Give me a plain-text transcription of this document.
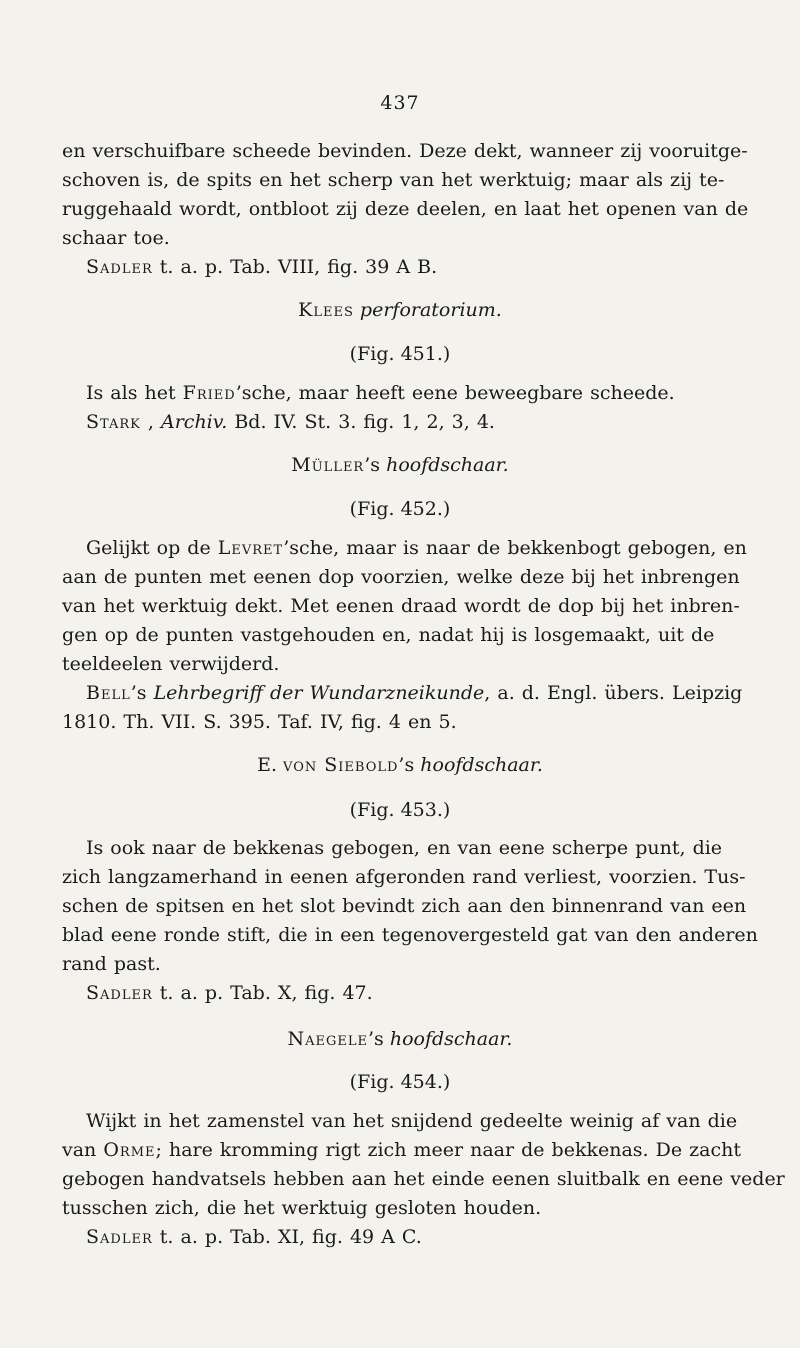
437
en verschuifbare scheede bevinden. Deze dekt, wanneer zij vooruitge-
schoven is, de spits en het scherp van het werktuig; maar als zij te-
ruggehaald wordt, ontbloot zij deze deelen, en laat het openen van de
schaar toe.
Sadler t. a. p. Tab. VIII, fig. 39 A B.
Klees perforatorium.
(Fig. 451.)
Is als het Fried’sche, maar heeft eene beweegbare scheede.
Stark , Archiv. Bd. IV. St. 3. fig. 1, 2, 3, 4.
Müller’s hoofdschaar.
(Fig. 452.)
Gelijkt op de Levret’sche, maar is naar de bekkenbogt gebogen, en
aan de punten met eenen dop voorzien, welke deze bij het inbrengen
van het werktuig dekt. Met eenen draad wordt de dop bij het inbren-
gen op de punten vastgehouden en, nadat hij is losgemaakt, uit de
teeldeelen verwijderd.
Bell’s Lehrbegriff der Wundarzneikunde, a. d. Engl. übers. Leipzig
1810. Th. VII. S. 395. Taf. IV, fig. 4 en 5.
E. von Siebold’s hoofdschaar.
(Fig. 453.)
Is ook naar de bekkenas gebogen, en van eene scherpe punt, die
zich langzamerhand in eenen afgeronden rand verliest, voorzien. Tus-
schen de spitsen en het slot bevindt zich aan den binnenrand van een
blad eene ronde stift, die in een tegenovergesteld gat van den anderen
rand past.
Sadler t. a. p. Tab. X, fig. 47.
Naegele’s hoofdschaar.
(Fig. 454.)
Wijkt in het zamenstel van het snijdend gedeelte weinig af van die
van Orme; hare kromming rigt zich meer naar de bekkenas. De zacht
gebogen handvatsels hebben aan het einde eenen sluitbalk en eene veder
tusschen zich, die het werktuig gesloten houden.
Sadler t. a. p. Tab. XI, fig. 49 A C.
